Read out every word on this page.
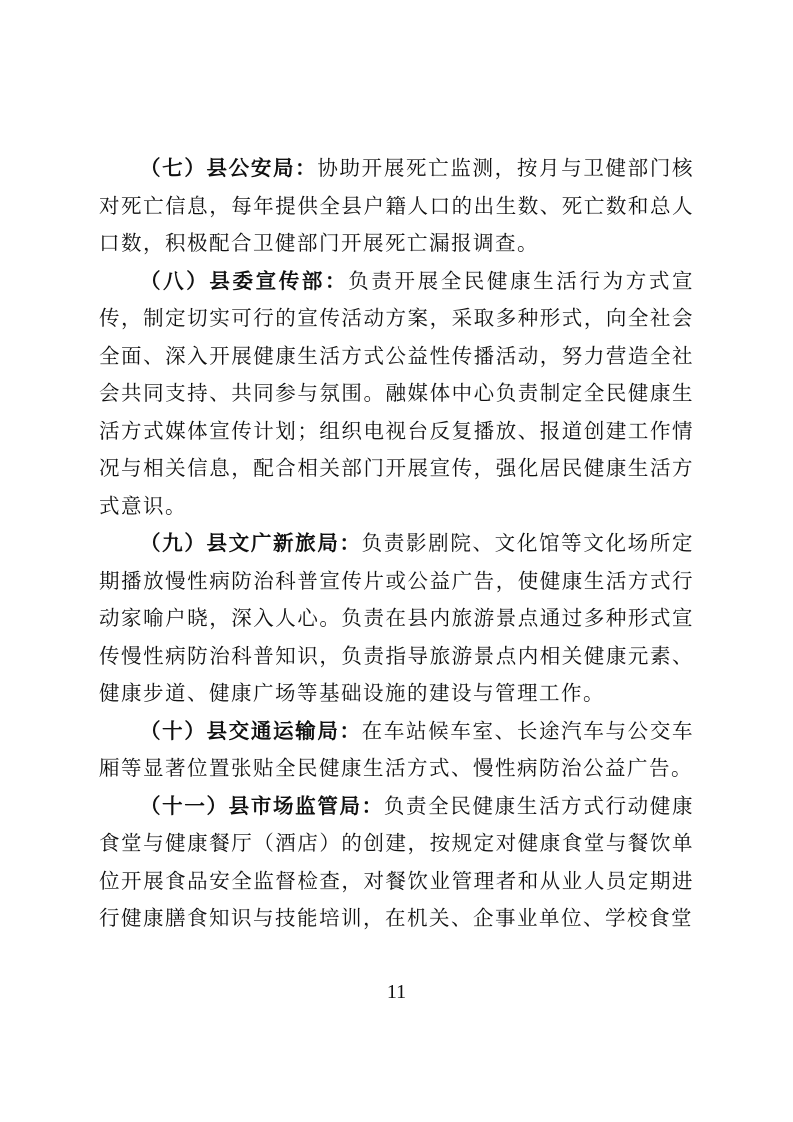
（七）县公安局：协助开展死亡监测，按月与卫健部门核对死亡信息，每年提供全县户籍人口的出生数、死亡数和总人口数，积极配合卫健部门开展死亡漏报调查。

（八）县委宣传部：负责开展全民健康生活行为方式宣传，制定切实可行的宣传活动方案，采取多种形式，向全社会全面、深入开展健康生活方式公益性传播活动，努力营造全社会共同支持、共同参与氛围。融媒体中心负责制定全民健康生活方式媒体宣传计划；组织电视台反复播放、报道创建工作情况与相关信息，配合相关部门开展宣传，强化居民健康生活方式意识。

（九）县文广新旅局：负责影剧院、文化馆等文化场所定期播放慢性病防治科普宣传片或公益广告，使健康生活方式行动家喻户晓，深入人心。负责在县内旅游景点通过多种形式宣传慢性病防治科普知识，负责指导旅游景点内相关健康元素、健康步道、健康广场等基础设施的建设与管理工作。

（十）县交通运输局：在车站候车室、长途汽车与公交车厢等显著位置张贴全民健康生活方式、慢性病防治公益广告。

（十一）县市场监管局：负责全民健康生活方式行动健康食堂与健康餐厅（酒店）的创建，按规定对健康食堂与餐饮单位开展食品安全监督检查，对餐饮业管理者和从业人员定期进行健康膳食知识与技能培训，在机关、企事业单位、学校食堂

11
